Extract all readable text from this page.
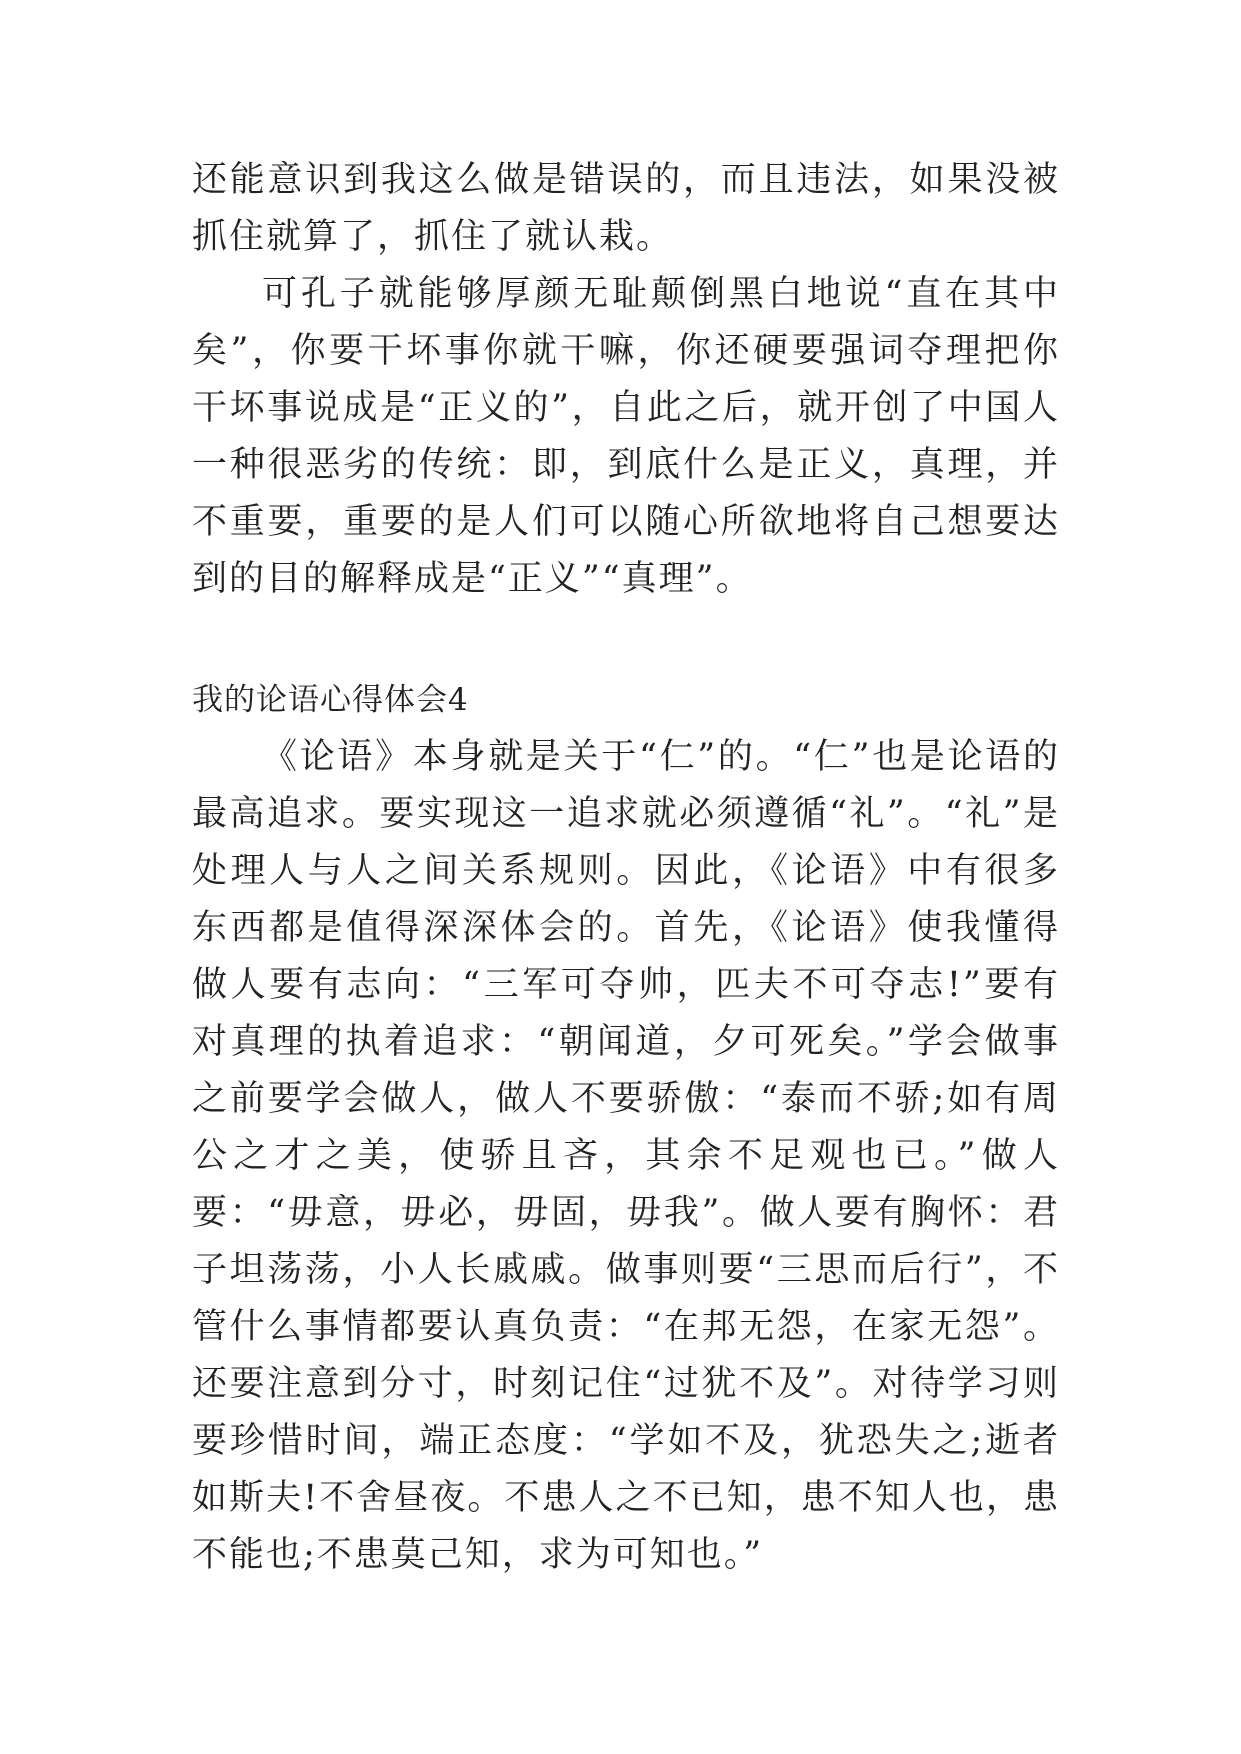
还能意识到我这么做是错误的，而且违法，如果没被抓住就算了，抓住了就认栽。

可孔子就能够厚颜无耻颠倒黑白地说“直在其中矣”，你要干坏事你就干嘛，你还硬要强词夺理把你干坏事说成是“正义的”，自此之后，就开创了中国人一种很恶劣的传统：即，到底什么是正义，真理，并不重要，重要的是人们可以随心所欲地将自己想要达到的目的解释成是“正义”“真理”。

我的论语心得体会4

《论语》本身就是关于“仁”的。“仁”也是论语的最高追求。要实现这一追求就必须遵循“礼”。“礼”是处理人与人之间关系规则。因此，《论语》中有很多东西都是值得深深体会的。首先，《论语》使我懂得做人要有志向：“三军可夺帅，匹夫不可夺志!”要有对真理的执着追求：“朝闻道，夕可死矣。”学会做事之前要学会做人，做人不要骄傲：“泰而不骄;如有周公之才之美，使骄且吝，其余不足观也已。”做人要：“毋意，毋必，毋固，毋我”。做人要有胸怀：君子坦荡荡，小人长戚戚。做事则要“三思而后行”，不管什么事情都要认真负责：“在邦无怨，在家无怨”。还要注意到分寸，时刻记住“过犹不及”。对待学习则要珍惜时间，端正态度：“学如不及，犹恐失之;逝者如斯夫!不舍昼夜。不患人之不已知，患不知人也，患不能也;不患莫己知，求为可知也。”
